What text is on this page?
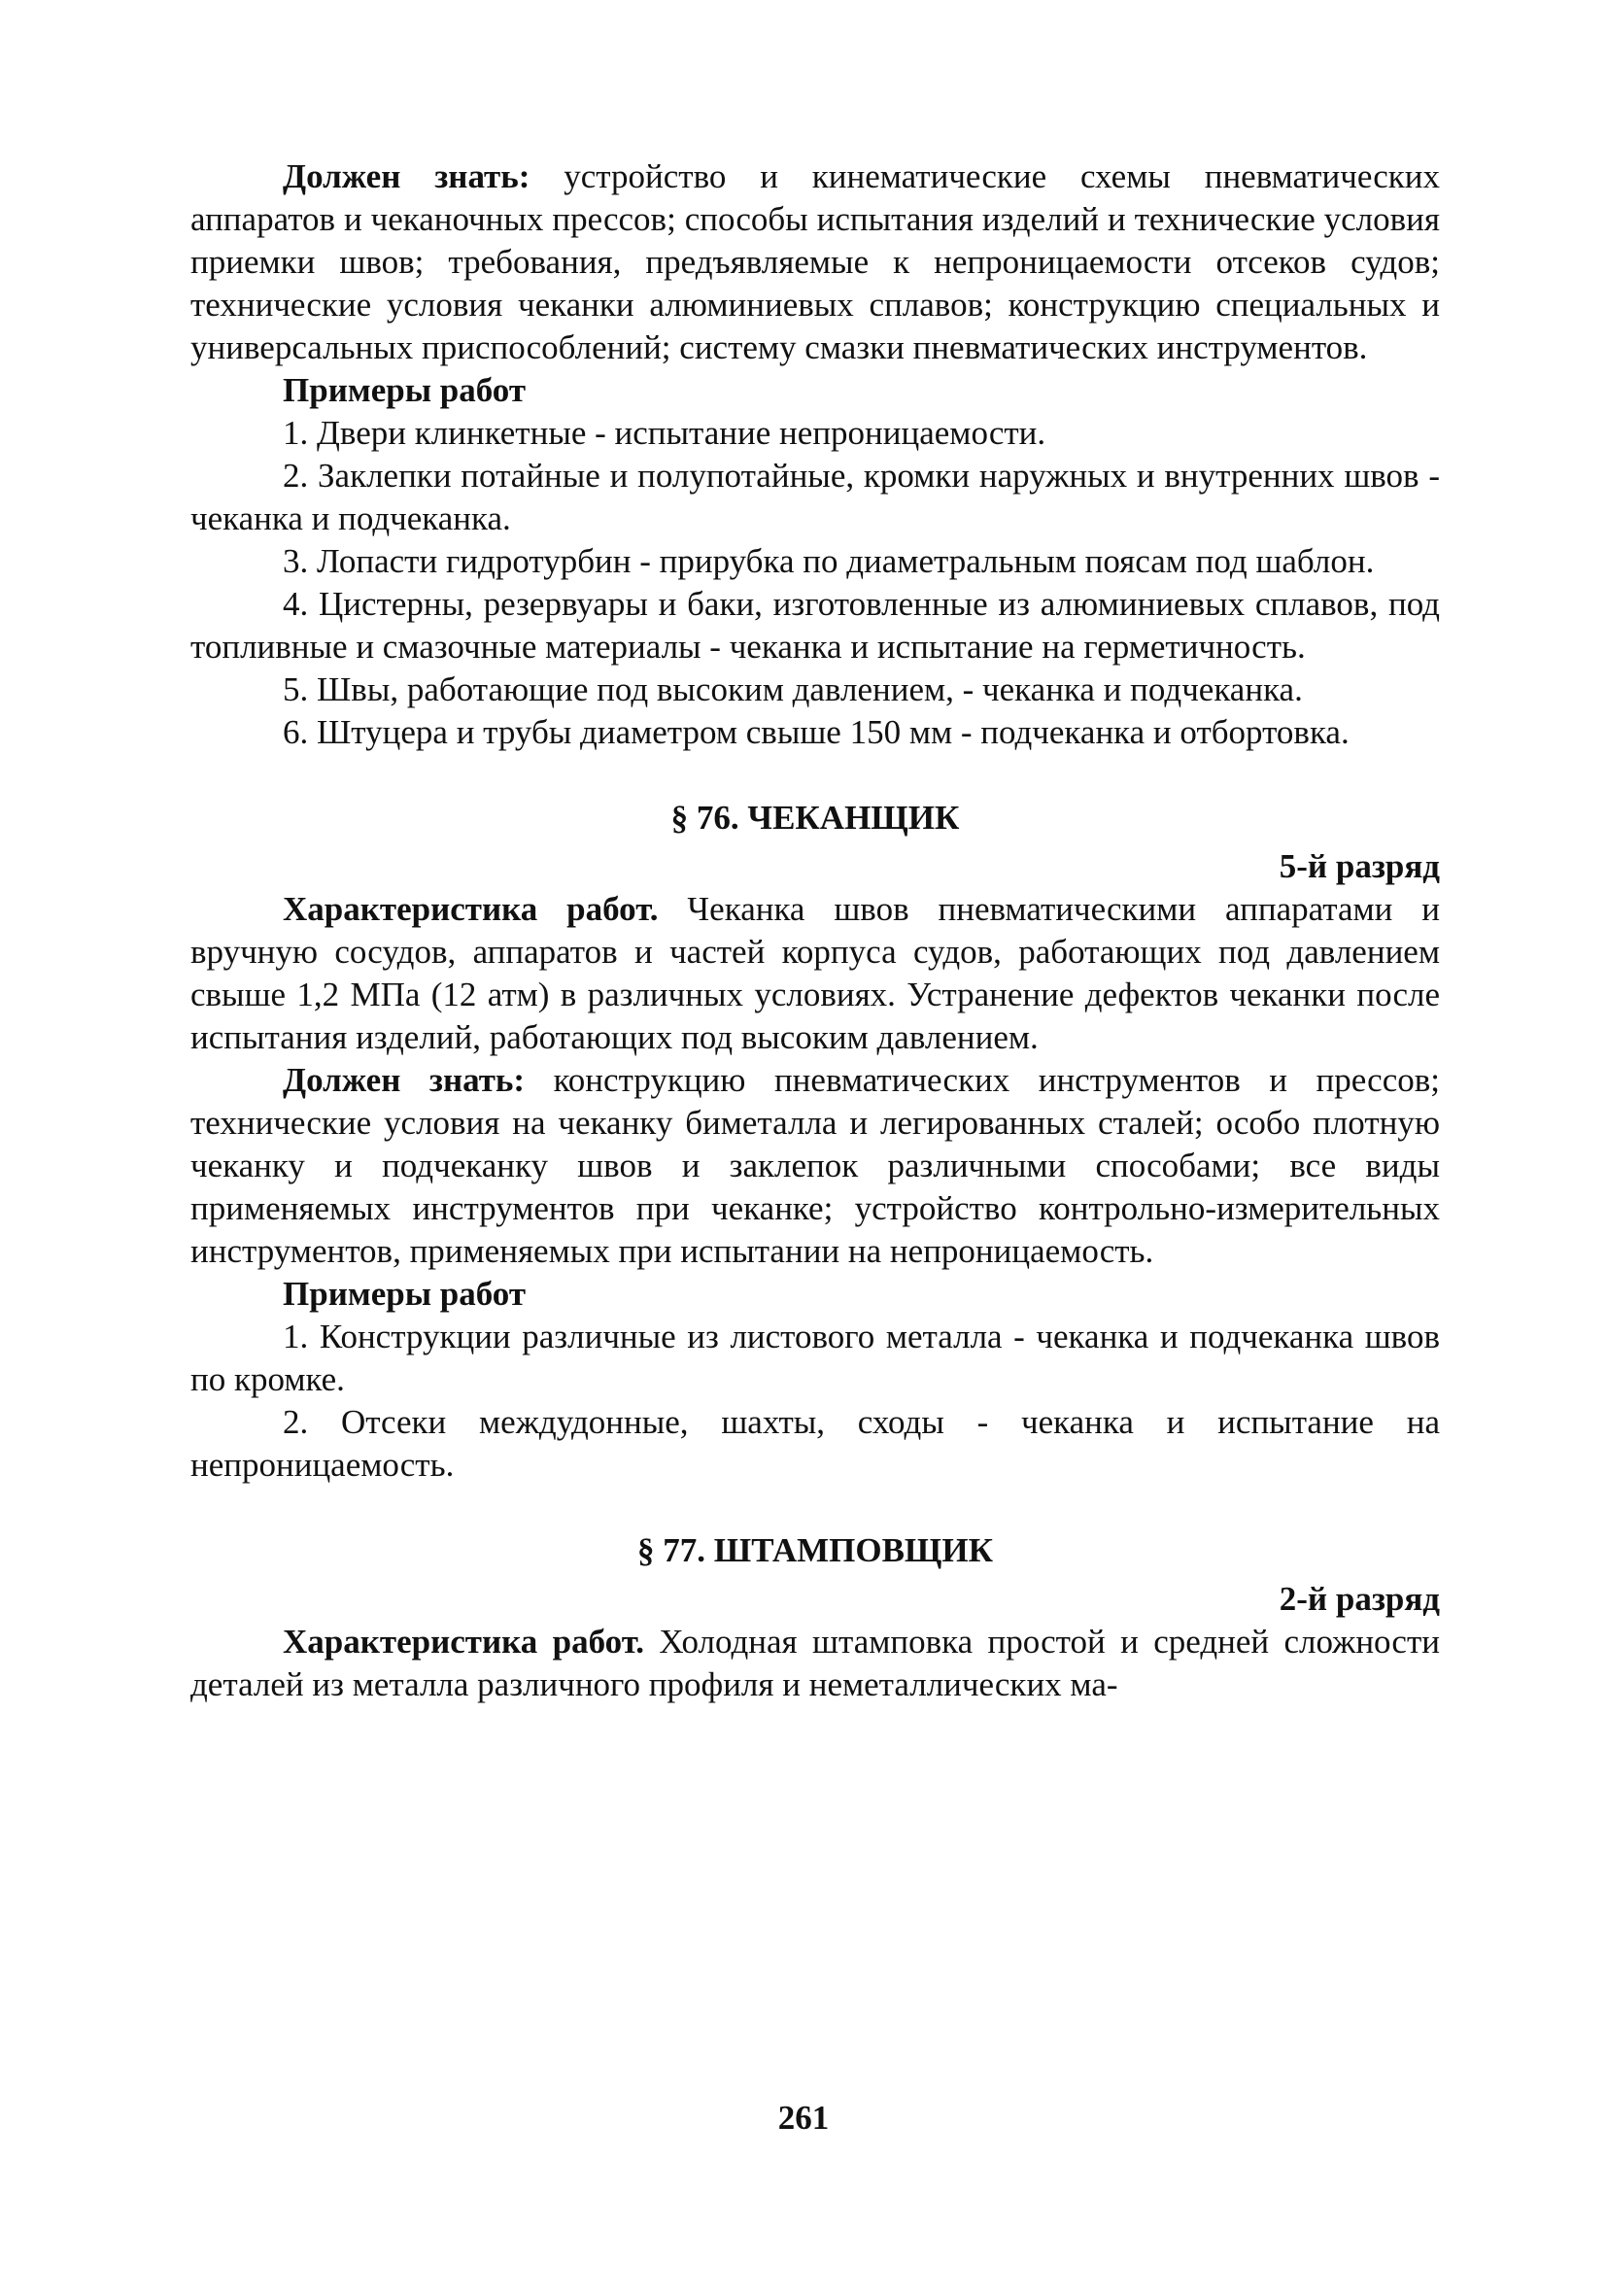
Должен знать: устройство и кинематические схемы пневматических аппаратов и чеканочных прессов; способы испытания изделий и технические условия приемки швов; требования, предъявляемые к непроницаемости отсеков судов; технические условия чеканки алюминиевых сплавов; конструкцию специальных и универсальных приспособлений; систему смазки пневматических инструментов.

Примеры работ

1. Двери клинкетные - испытание непроницаемости.

2. Заклепки потайные и полупотайные, кромки наружных и внутренних швов - чеканка и подчеканка.

3. Лопасти гидротурбин - прирубка по диаметральным поясам под шаблон.

4. Цистерны, резервуары и баки, изготовленные из алюминиевых сплавов, под топливные и смазочные материалы - чеканка и испытание на герметичность.

5. Швы, работающие под высоким давлением, - чеканка и подчеканка.

6. Штуцера и трубы диаметром свыше 150 мм - подчеканка и отбортовка.

§ 76. ЧЕКАНЩИК

5-й разряд

Характеристика работ. Чеканка швов пневматическими аппаратами и вручную сосудов, аппаратов и частей корпуса судов, работающих под давлением свыше 1,2 МПа (12 атм) в различных условиях. Устранение дефектов чеканки после испытания изделий, работающих под высоким давлением.

Должен знать: конструкцию пневматических инструментов и прессов; технические условия на чеканку биметалла и легированных сталей; особо плотную чеканку и подчеканку швов и заклепок различными способами; все виды применяемых инструментов при чеканке; устройство контрольно-измерительных инструментов, применяемых при испытании на непроницаемость.

Примеры работ

1. Конструкции различные из листового металла - чеканка и подчеканка швов по кромке.

2. Отсеки междудонные, шахты, сходы - чеканка и испытание на непроницаемость.

§ 77. ШТАМПОВЩИК

2-й разряд

Характеристика работ. Холодная штамповка простой и средней сложности деталей из металла различного профиля и неметаллических ма-

261
